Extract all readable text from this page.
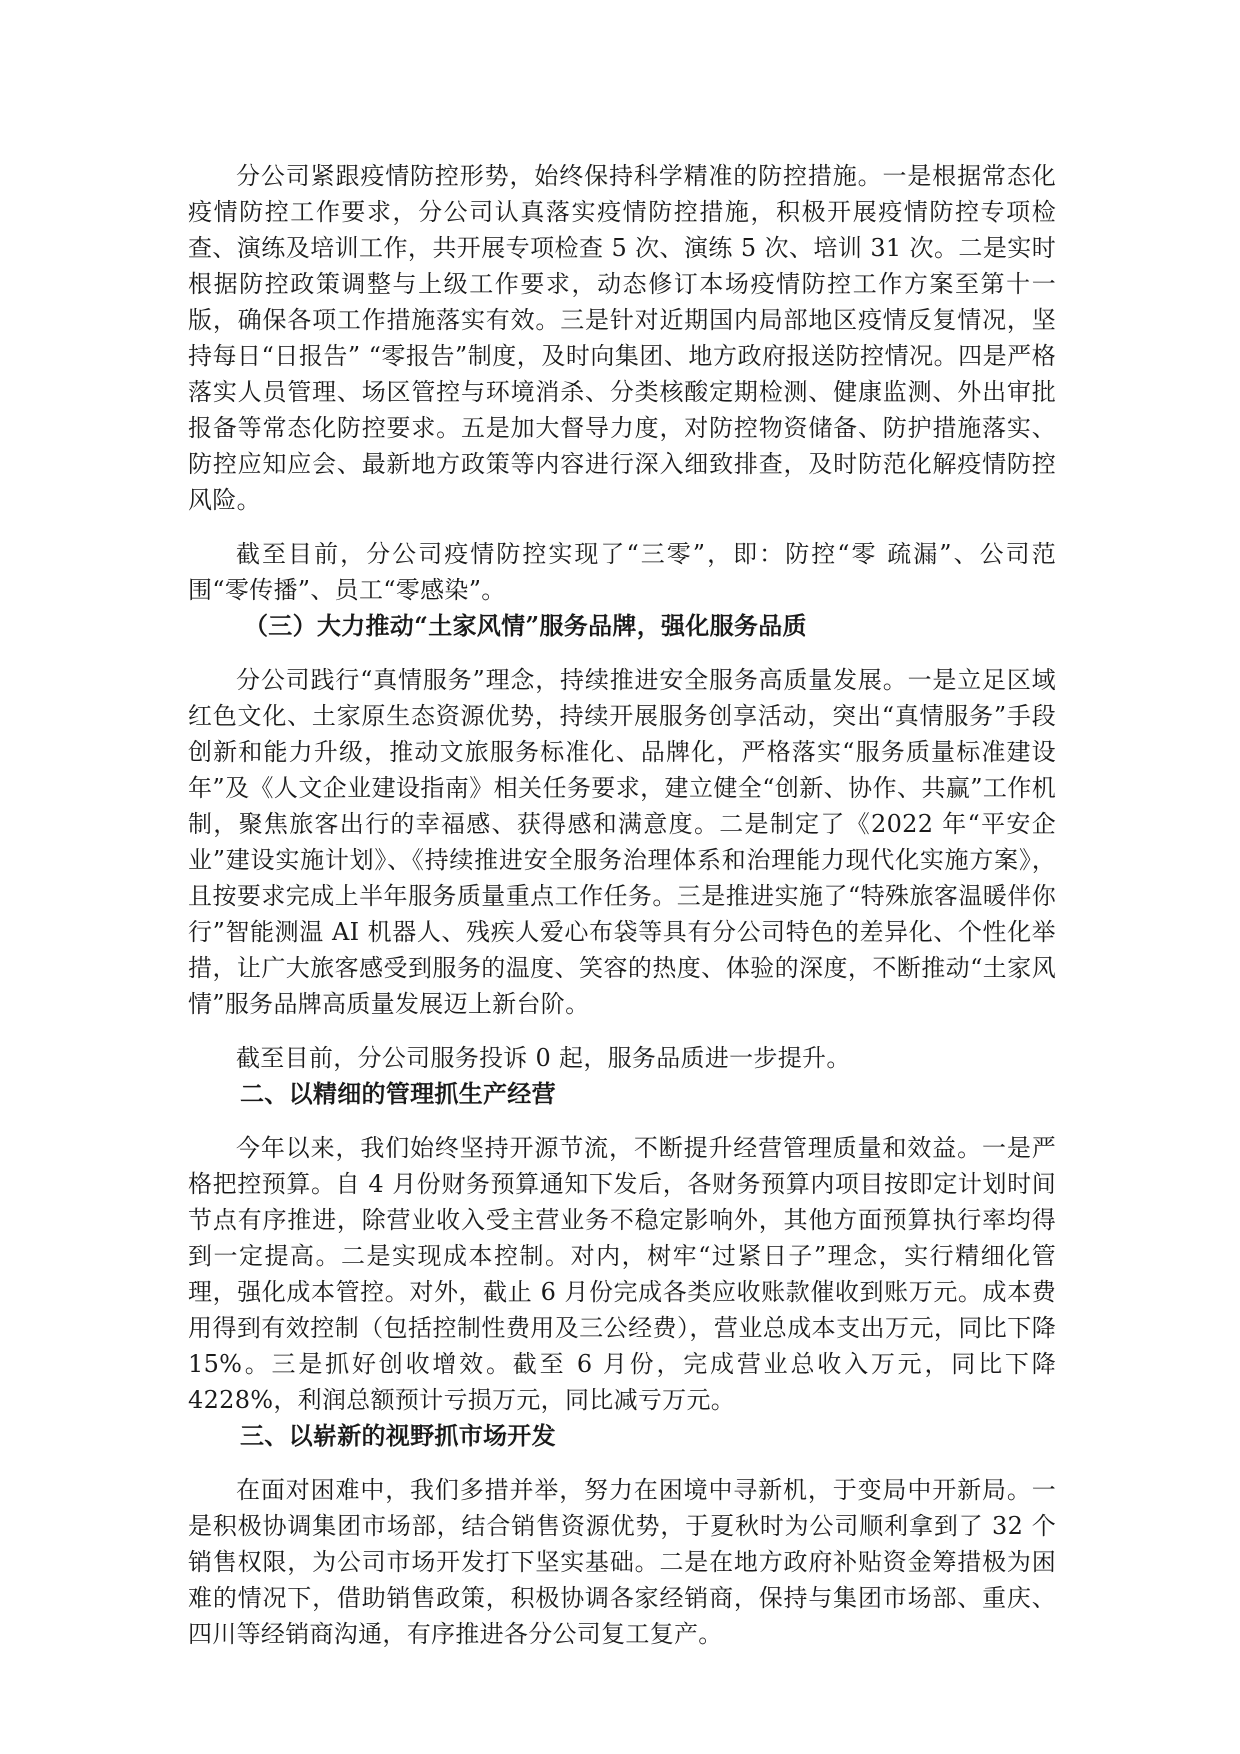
分公司紧跟疫情防控形势，始终保持科学精准的防控措施。一是根据常态化疫情防控工作要求，分公司认真落实疫情防控措施，积极开展疫情防控专项检查、演练及培训工作，共开展专项检查 5 次、演练 5 次、培训 31 次。二是实时根据防控政策调整与上级工作要求，动态修订本场疫情防控工作方案至第十一版，确保各项工作措施落实有效。三是针对近期国内局部地区疫情反复情况，坚持每日“日报告” “零报告”制度，及时向集团、地方政府报送防控情况。四是严格落实人员管理、场区管控与环境消杀、分类核酸定期检测、健康监测、外出审批报备等常态化防控要求。五是加大督导力度，对防控物资储备、防护措施落实、防控应知应会、最新地方政策等内容进行深入细致排查，及时防范化解疫情防控风险。

截至目前，分公司疫情防控实现了“三零”，即：防控“零 疏漏”、公司范围“零传播”、员工“零感染”。

（三）大力推动“土家风情”服务品牌，强化服务品质

分公司践行“真情服务”理念，持续推进安全服务高质量发展。一是立足区域红色文化、土家原生态资源优势，持续开展服务创享活动，突出“真情服务”手段创新和能力升级，推动文旅服务标准化、品牌化，严格落实“服务质量标准建设年”及《人文企业建设指南》相关任务要求，建立健全“创新、协作、共赢”工作机制，聚焦旅客出行的幸福感、获得感和满意度。二是制定了《2022 年“平安企业”建设实施计划》、《持续推进安全服务治理体系和治理能力现代化实施方案》，且按要求完成上半年服务质量重点工作任务。三是推进实施了“特殊旅客温暖伴你行”智能测温 AI 机器人、残疾人爱心布袋等具有分公司特色的差异化、个性化举措，让广大旅客感受到服务的温度、笑容的热度、体验的深度，不断推动“土家风情”服务品牌高质量发展迈上新台阶。

截至目前，分公司服务投诉 0 起，服务品质进一步提升。

二、以精细的管理抓生产经营

今年以来，我们始终坚持开源节流，不断提升经营管理质量和效益。一是严格把控预算。自 4 月份财务预算通知下发后，各财务预算内项目按即定计划时间节点有序推进，除营业收入受主营业务不稳定影响外，其他方面预算执行率均得到一定提高。二是实现成本控制。对内，树牢“过紧日子”理念，实行精细化管理，强化成本管控。对外，截止 6 月份完成各类应收账款催收到账万元。成本费用得到有效控制（包括控制性费用及三公经费），营业总成本支出万元，同比下降 15%。三是抓好创收增效。截至 6 月份，完成营业总收入万元，同比下降 4228%，利润总额预计亏损万元，同比减亏万元。

三、以崭新的视野抓市场开发

在面对困难中，我们多措并举，努力在困境中寻新机，于变局中开新局。一是积极协调集团市场部，结合销售资源优势，于夏秋时为公司顺利拿到了 32 个销售权限，为公司市场开发打下坚实基础。二是在地方政府补贴资金筹措极为困难的情况下，借助销售政策，积极协调各家经销商，保持与集团市场部、重庆、四川等经销商沟通，有序推进各分公司复工复产。
